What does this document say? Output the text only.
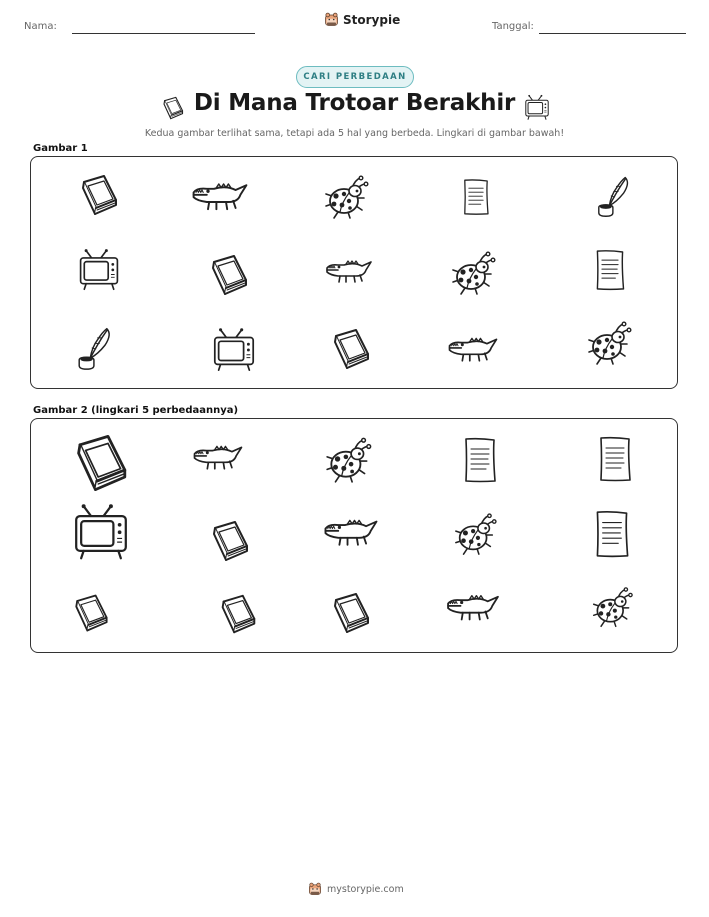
Nama:	Storypie	Tanggal:
CARI PERBEDAAN
Di Mana Trotoar Berakhir
Kedua gambar terlihat sama, tetapi ada 5 hal yang berbeda. Lingkari di gambar bawah!
Gambar 1
Gambar 2 (lingkari 5 perbedaannya)
mystorypie.com
